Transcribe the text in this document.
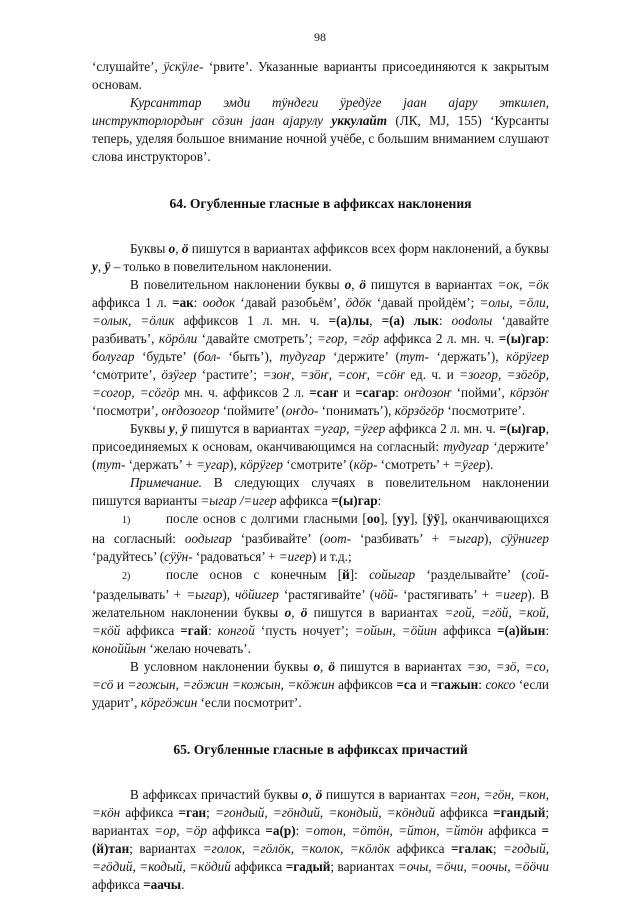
98

‘слушайте’, ӱскӱле- ‘рвите’. Указанные варианты присоединяются к закрытым основам.

Курсанттар эмди тӱндеги ӱредӱге јаан ајару эткилеп, инструкторлордыҥ сӧзин јаан ајарулу уккулайт (ЛК, МЈ, 155) ‘Курсанты теперь, уделяя большое внимание ночной учёбе, с большим вниманием слушают слова инструкторов’.

64. Огубленные гласные в аффиксах наклонения

Буквы о, ӧ пишутся в вариантах аффиксов всех форм наклонений, а буквы у, ӱ – только в повелительном наклонении.

В повелительном наклонении буквы о, ӧ пишутся в вариантах =ок, =ӧк аффикса 1 л. =ак: оодок ‘давай разобьём’, ӧдӧк ‘давай пройдём’; =олы, =ӧли, =олык, =ӧлик аффиксов 1 л. мн. ч. =(а)лы, =(а) лык: ооdолы ‘давайте разбивать’, кӧрӧли ‘давайте смотреть’; =гор, =гӧр аффикса 2 л. мн. ч. =(ы)гар: болугар ‘будьте’ (бол- ‘быть’), тудугар ‘держите’ (тут- ‘держать’), кӧрӱгер ‘смотрите’, ӧзӱгер ‘растите’; =зоҥ, =зӧҥ, =соҥ, =сӧҥ ед. ч. и =зогор, =зӧгӧр, =согор, =сӧгӧр мн. ч. аффиксов 2 л. =саҥ и =сагар: оҥдозоҥ ‘пойми’, кӧрзӧҥ ‘посмотри’, оҥдозогор ‘поймите’ (оҥдо- ‘понимать’), кӧрзӧгӧр ‘посмотрите’.

Буквы у, ӱ пишутся в вариантах =угар, =ӱгер аффикса 2 л. мн. ч. =(ы)гар, присоединяемых к основам, оканчивающимся на согласный: тудугар ‘держите’ (тут- ‘держать’ + =угар), кӧрӱгер ‘смотрите’ (кӧр- ‘смотреть’ + =ӱгер).

Примечание. В следующих случаях в повелительном наклонении пишутся варианты =ыгар /=игер аффикса =(ы)гар:

1)	после основ с долгими гласными [оо], [уу], [ӱӱ], оканчивающихся на согласный: оодыгар ‘разбивайте’ (оот- ‘разбивать’ + =ыгар), сӱӱнигер ‘радуйтесь’ (сӱӱн- ‘радоваться’ + =игер) и т.д.;

2)	после основ с конечным [й]: сойыгар ‘разделывайте’ (сой- ‘разделывать’ + =ыгар), чӧйигер ‘растягивайте’ (чӧй- ‘растягивать’ + =игер). В желательном наклонении буквы о, ӧ пишутся в вариантах =гой, =гӧй, =кой, =кӧй аффикса =гай: конгой ‘пусть ночует’; =ойын, =ӧйин аффикса =(а)йын: коноййын ‘желаю ночевать’.

В условном наклонении буквы о, ӧ пишутся в вариантах =зо, =зӧ, =со, =сӧ и =гожын, =гӧжин =кожын, =кӧжин аффиксов =са и =гажын: соксо ‘если ударит’, кӧргӧжин ‘если посмотрит’.

65. Огубленные гласные в аффиксах причастий

В аффиксах причастий буквы о, ӧ пишутся в вариантах =гон, =гӧн, =кон, =кӧн аффикса =ган; =гондый, =гӧндий, =кондый, =кӧндий аффикса =гандый; вариантах =ор, =ӧр аффикса =а(р): =отон, =ӧтӧн, =йтон, =йтӧн аффикса =(й)тан; вариантах =голок, =гӧлӧк, =колок, =кӧлӧк аффикса =галак; =годый, =гӧдий, =кодый, =кӧдий аффикса =гадый; вариантах =очы, =ӧчи, =оочы, =ӧӧчи аффикса =аачы.
